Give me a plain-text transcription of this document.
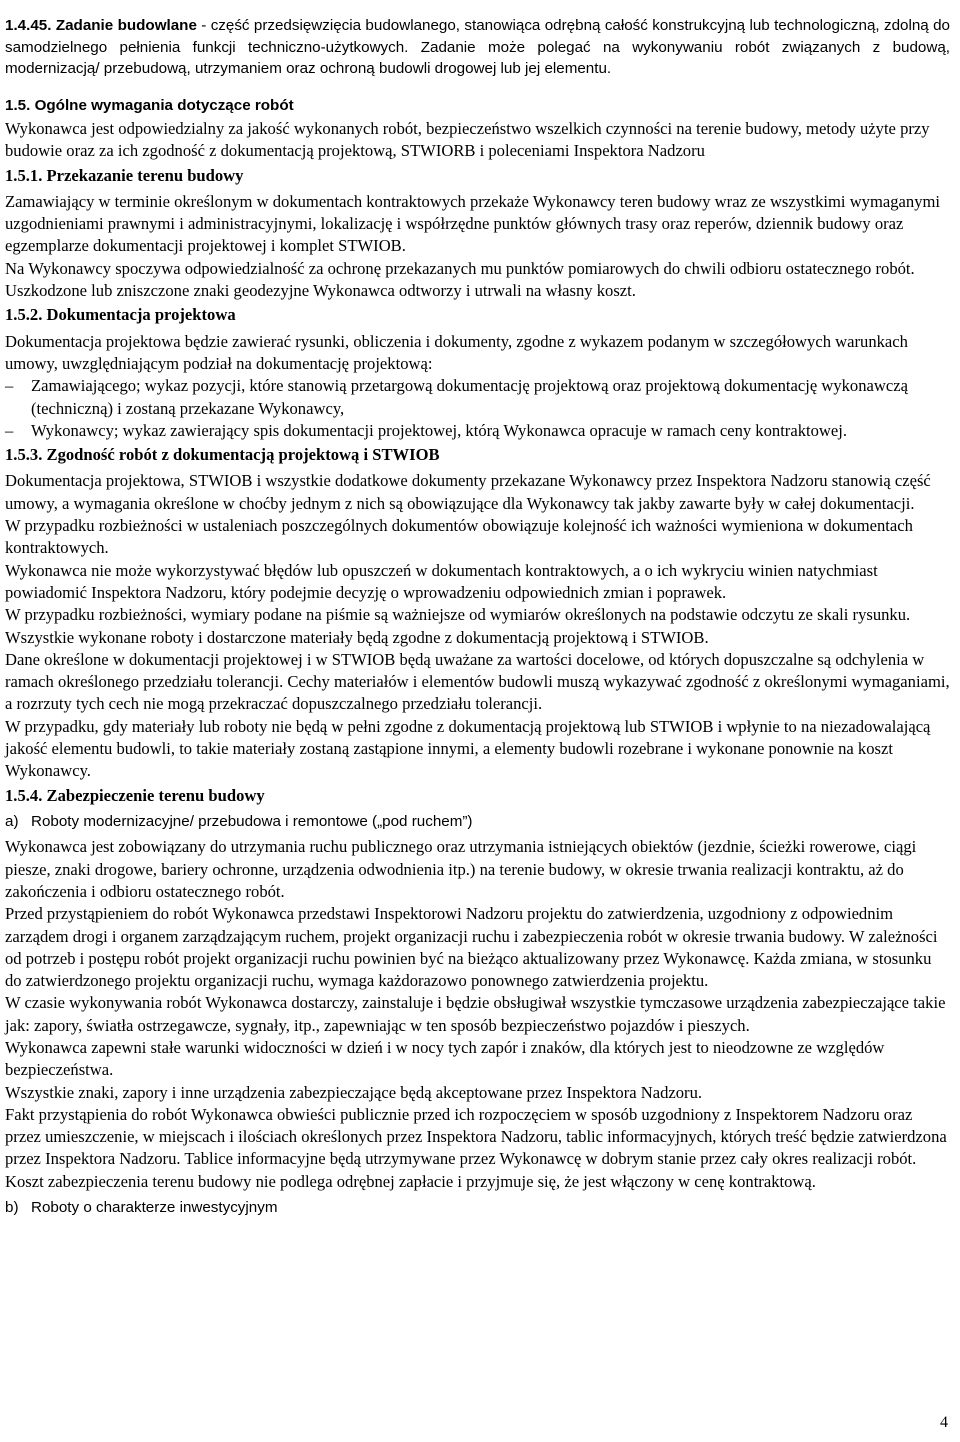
1.4.45. Zadanie budowlane - część przedsięwzięcia budowlanego, stanowiąca odrębną całość konstrukcyjną lub technologiczną, zdolną do samodzielnego pełnienia funkcji techniczno-użytkowych. Zadanie może polegać na wykonywaniu robót związanych z budową, modernizacją/ przebudową, utrzymaniem oraz ochroną budowli drogowej lub jej elementu.

1.5. Ogólne wymagania dotyczące robót

Wykonawca jest odpowiedzialny za jakość wykonanych robót, bezpieczeństwo wszelkich czynności na terenie budowy, metody użyte przy budowie oraz za ich zgodność z dokumentacją projektową, STWIORB i poleceniami Inspektora Nadzoru

1.5.1. Przekazanie terenu budowy

Zamawiający w terminie określonym w dokumentach kontraktowych przekaże Wykonawcy teren budowy wraz ze wszystkimi wymaganymi uzgodnieniami prawnymi i administracyjnymi, lokalizację i współrzędne punktów głównych trasy oraz reperów, dziennik budowy oraz egzemplarze dokumentacji projektowej i komplet STWIOB.

Na Wykonawcy spoczywa odpowiedzialność za ochronę przekazanych mu punktów pomiarowych do chwili odbioru ostatecznego robót. Uszkodzone lub zniszczone znaki geodezyjne Wykonawca odtworzy i utrwali na własny koszt.

1.5.2. Dokumentacja projektowa

Dokumentacja projektowa będzie zawierać rysunki, obliczenia i dokumenty, zgodne z wykazem podanym w szczegółowych warunkach umowy, uwzględniającym podział na dokumentację projektową:

–	Zamawiającego; wykaz pozycji, które stanowią przetargową dokumentację projektową oraz projektową dokumentację wykonawczą (techniczną) i zostaną przekazane Wykonawcy,
–	Wykonawcy; wykaz zawierający spis dokumentacji projektowej, którą Wykonawca opracuje w ramach ceny kontraktowej.

1.5.3. Zgodność robót z dokumentacją projektową i STWIOB

Dokumentacja projektowa, STWIOB i wszystkie dodatkowe dokumenty przekazane Wykonawcy przez Inspektora Nadzoru stanowią część umowy, a wymagania określone w choćby jednym z nich są obowiązujące dla Wykonawcy tak jakby zawarte były w całej dokumentacji.

W przypadku rozbieżności w ustaleniach poszczególnych dokumentów obowiązuje kolejność ich ważności wymieniona w dokumentach kontraktowych.

Wykonawca nie może wykorzystywać błędów lub opuszczeń w dokumentach kontraktowych, a o ich wykryciu winien natychmiast powiadomić Inspektora Nadzoru, który podejmie decyzję o wprowadzeniu odpowiednich zmian i poprawek.

W przypadku rozbieżności, wymiary podane na piśmie są ważniejsze od wymiarów określonych na podstawie odczytu ze skali rysunku.

Wszystkie wykonane roboty i dostarczone materiały będą zgodne z dokumentacją projektową i STWIOB.

Dane określone w dokumentacji projektowej i w STWIOB będą uważane za wartości docelowe, od których dopuszczalne są odchylenia w ramach określonego przedziału tolerancji. Cechy materiałów i elementów budowli muszą wykazywać zgodność z określonymi wymaganiami, a rozrzuty tych cech nie mogą przekraczać dopuszczalnego przedziału tolerancji.

W przypadku, gdy materiały lub roboty nie będą w pełni zgodne z dokumentacją projektową lub STWIOB i wpłynie to na niezadowalającą jakość elementu budowli, to takie materiały zostaną zastąpione innymi, a elementy budowli rozebrane i wykonane ponownie na koszt Wykonawcy.

1.5.4. Zabezpieczenie terenu budowy

a) Roboty modernizacyjne/ przebudowa i remontowe („pod ruchem”)

Wykonawca jest zobowiązany do utrzymania ruchu publicznego oraz utrzymania istniejących obiektów (jezdnie, ścieżki rowerowe, ciągi piesze, znaki drogowe, bariery ochronne, urządzenia odwodnienia itp.) na terenie budowy, w okresie trwania realizacji kontraktu, aż do zakończenia i odbioru ostatecznego robót.

Przed przystąpieniem do robót Wykonawca przedstawi Inspektorowi Nadzoru projektu do zatwierdzenia, uzgodniony z odpowiednim zarządem drogi i organem zarządzającym ruchem, projekt organizacji ruchu i zabezpieczenia robót w okresie trwania budowy. W zależności od potrzeb i postępu robót projekt organizacji ruchu powinien być na bieżąco aktualizowany przez Wykonawcę. Każda zmiana, w stosunku do zatwierdzonego projektu organizacji ruchu, wymaga każdorazowo ponownego zatwierdzenia projektu.

W czasie wykonywania robót Wykonawca dostarczy, zainstaluje i będzie obsługiwał wszystkie tymczasowe urządzenia zabezpieczające takie jak: zapory, światła ostrzegawcze, sygnały, itp., zapewniając w ten sposób bezpieczeństwo pojazdów i pieszych.

Wykonawca zapewni stałe warunki widoczności w dzień i w nocy tych zapór i znaków, dla których jest to nieodzowne ze względów bezpieczeństwa.

Wszystkie znaki, zapory i inne urządzenia zabezpieczające będą akceptowane przez Inspektora Nadzoru.

Fakt przystąpienia do robót Wykonawca obwieści publicznie przed ich rozpoczęciem w sposób uzgodniony z Inspektorem Nadzoru oraz przez umieszczenie, w miejscach i ilościach określonych przez Inspektora Nadzoru, tablic informacyjnych, których treść będzie zatwierdzona przez Inspektora Nadzoru. Tablice informacyjne będą utrzymywane przez Wykonawcę w dobrym stanie przez cały okres realizacji robót.

Koszt zabezpieczenia terenu budowy nie podlega odrębnej zapłacie i przyjmuje się, że jest włączony w cenę kontraktową.

b) Roboty o charakterze inwestycyjnym
4
